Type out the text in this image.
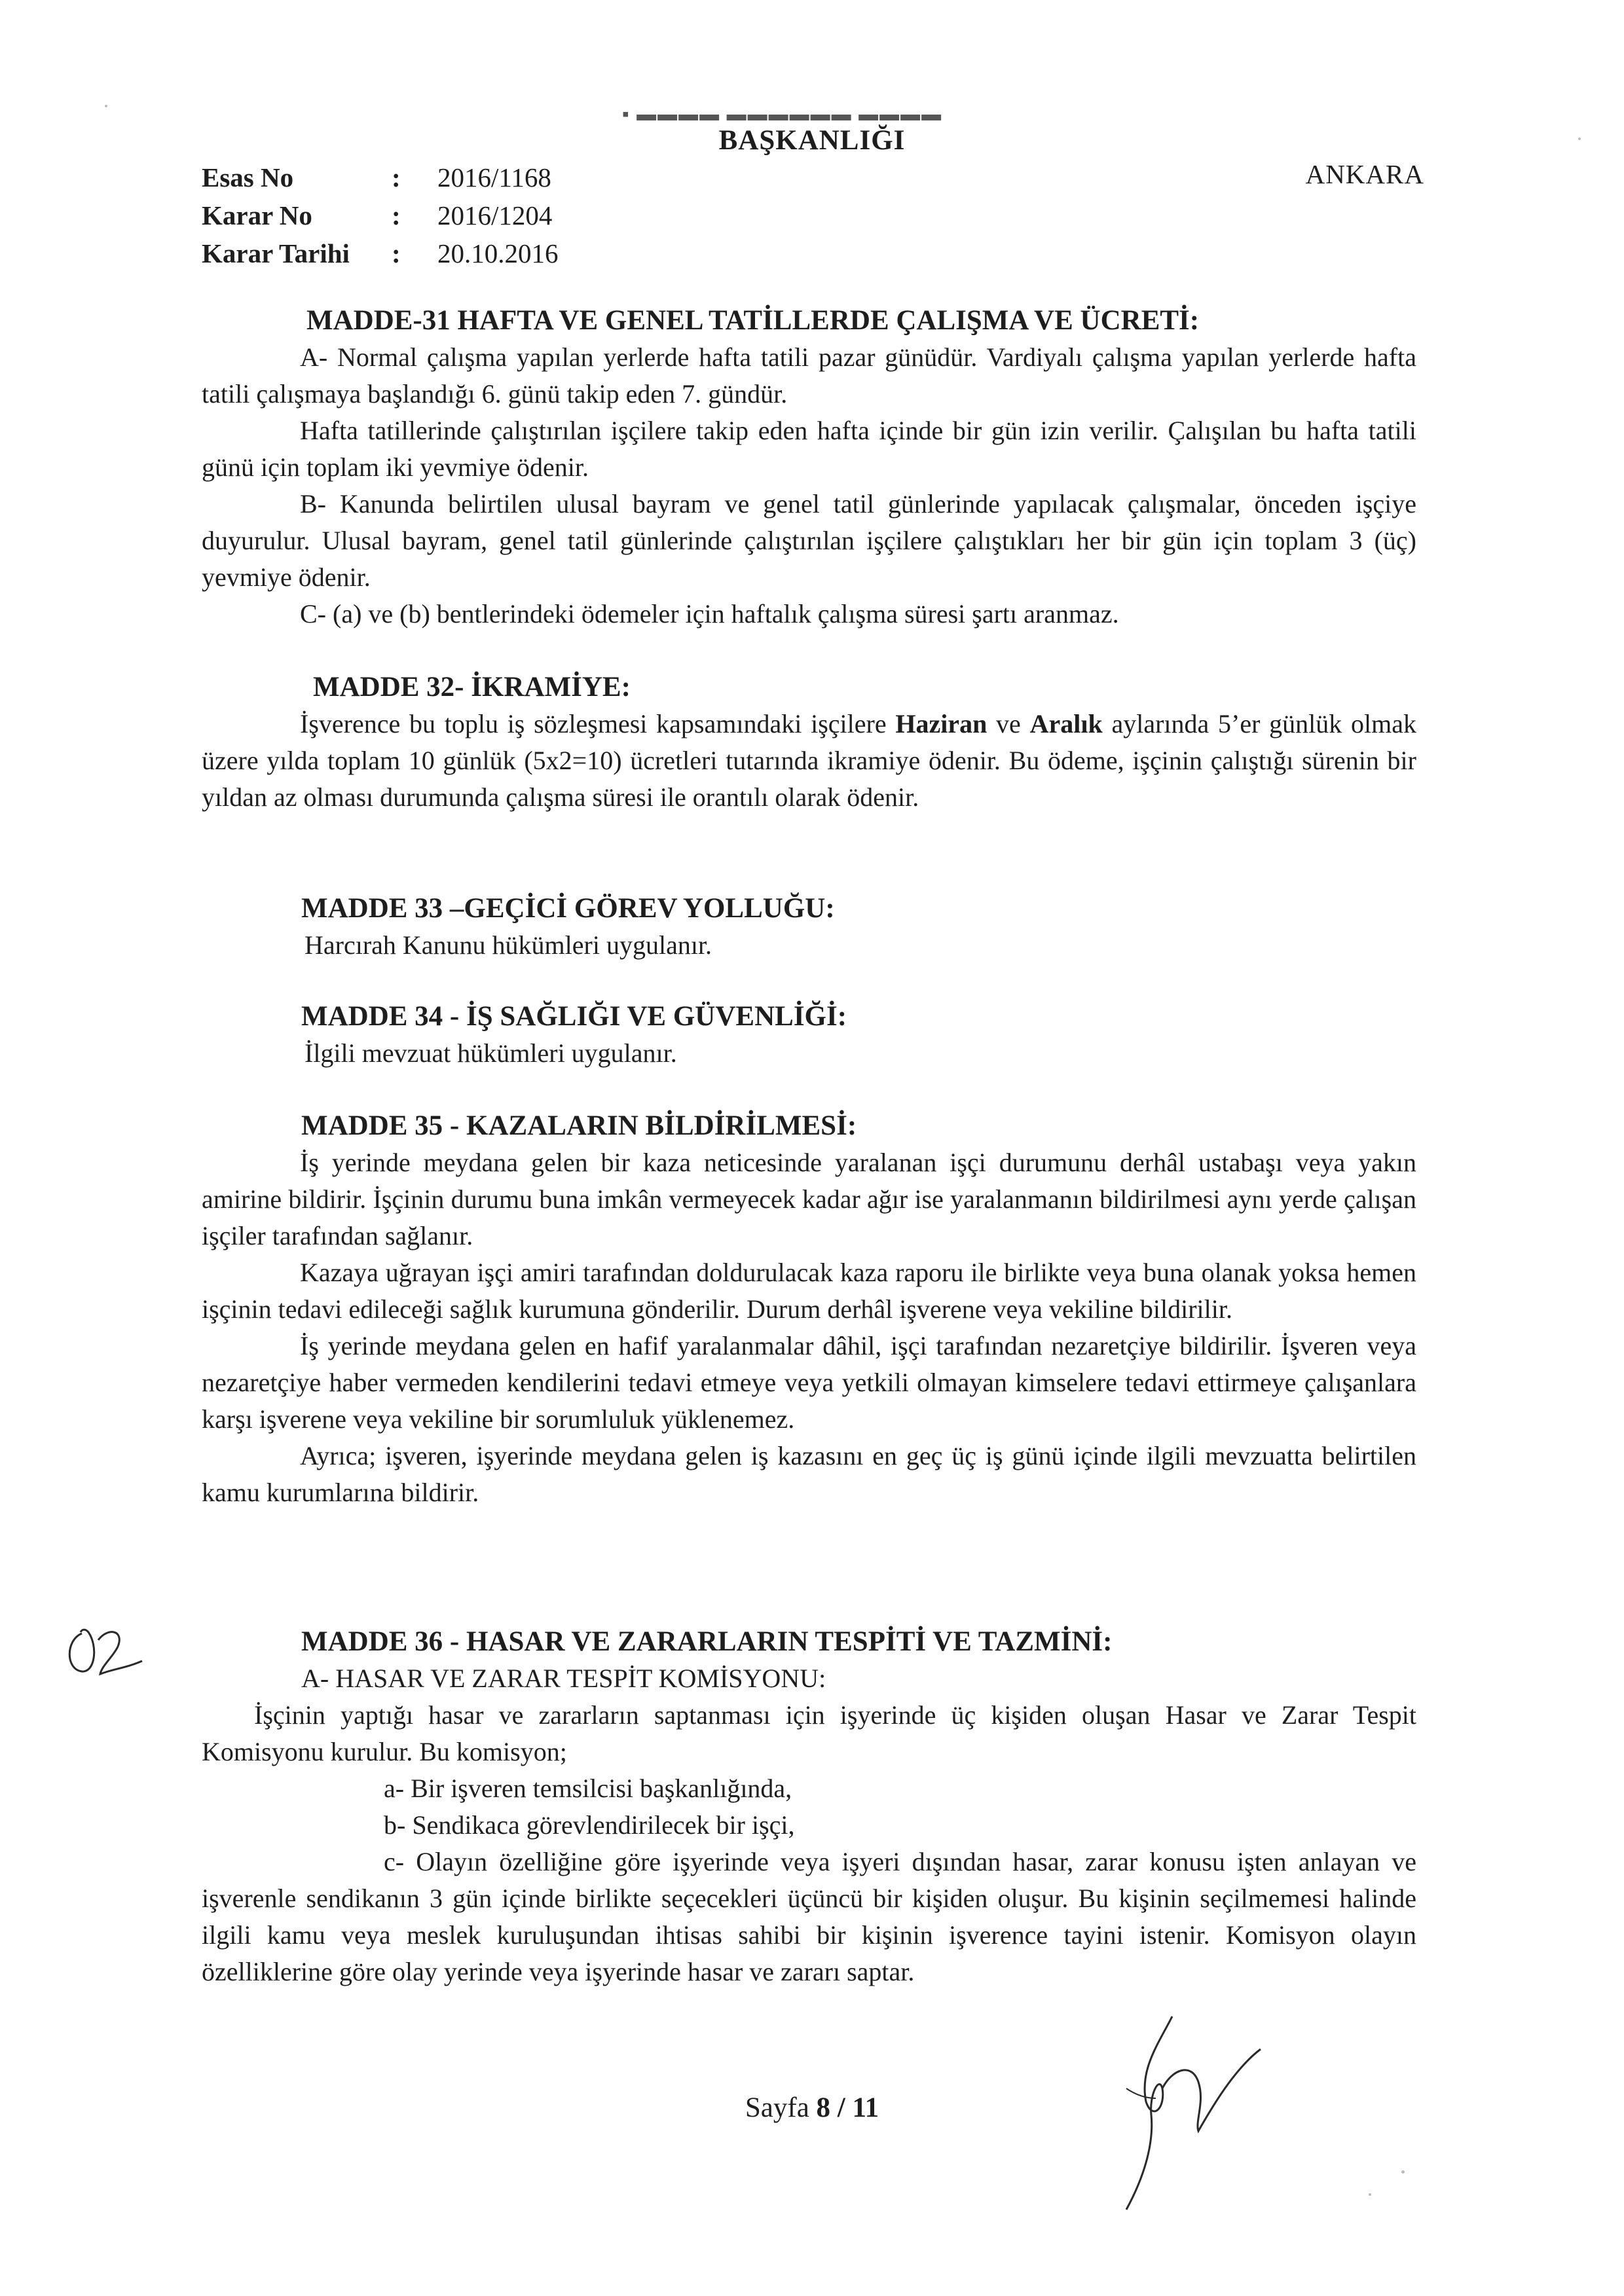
▪ ▬▬▬▬ ▬▬▬▬▬▬ ▬▬▬▬
BAŞKANLIĞI
Esas No	:	2016/1168
Karar No	:	2016/1204
Karar Tarihi	:	20.10.2016
ANKARA
MADDE-31 HAFTA VE GENEL TATİLLERDE ÇALIŞMA VE ÜCRETİ:

A- Normal çalışma yapılan yerlerde hafta tatili pazar günüdür. Vardiyalı çalışma yapılan yerlerde hafta tatili çalışmaya başlandığı 6. günü takip eden 7. gündür.

Hafta tatillerinde çalıştırılan işçilere takip eden hafta içinde bir gün izin verilir. Çalışılan bu hafta tatili günü için toplam iki yevmiye ödenir.

B- Kanunda belirtilen ulusal bayram ve genel tatil günlerinde yapılacak çalışmalar, önceden işçiye duyurulur. Ulusal bayram, genel tatil günlerinde çalıştırılan işçilere çalıştıkları her bir gün için toplam 3 (üç) yevmiye ödenir.

C- (a) ve (b) bentlerindeki ödemeler için haftalık çalışma süresi şartı aranmaz.

MADDE 32- İKRAMİYE:

İşverence bu toplu iş sözleşmesi kapsamındaki işçilere Haziran ve Aralık aylarında 5’er günlük olmak üzere yılda toplam 10 günlük (5x2=10) ücretleri tutarında ikramiye ödenir. Bu ödeme, işçinin çalıştığı sürenin bir yıldan az olması durumunda çalışma süresi ile orantılı olarak ödenir.

MADDE 33 –GEÇİCİ GÖREV YOLLUĞU:

Harcırah Kanunu hükümleri uygulanır.

MADDE 34 - İŞ SAĞLIĞI VE GÜVENLİĞİ:

İlgili mevzuat hükümleri uygulanır.

MADDE 35 - KAZALARIN BİLDİRİLMESİ:

İş yerinde meydana gelen bir kaza neticesinde yaralanan işçi durumunu derhâl ustabaşı veya yakın amirine bildirir. İşçinin durumu buna imkân vermeyecek kadar ağır ise yaralanmanın bildirilmesi aynı yerde çalışan işçiler tarafından sağlanır.

Kazaya uğrayan işçi amiri tarafından doldurulacak kaza raporu ile birlikte veya buna olanak yoksa hemen işçinin tedavi edileceği sağlık kurumuna gönderilir. Durum derhâl işverene veya vekiline bildirilir.

İş yerinde meydana gelen en hafif yaralanmalar dâhil, işçi tarafından nezaretçiye bildirilir. İşveren veya nezaretçiye haber vermeden kendilerini tedavi etmeye veya yetkili olmayan kimselere tedavi ettirmeye çalışanlara karşı işverene veya vekiline bir sorumluluk yüklenemez.

Ayrıca; işveren, işyerinde meydana gelen iş kazasını en geç üç iş günü içinde ilgili mevzuatta belirtilen kamu kurumlarına bildirir.

MADDE 36 - HASAR VE ZARARLARIN TESPİTİ VE TAZMİNİ:
A- HASAR VE ZARAR TESPİT KOMİSYONU:

İşçinin yaptığı hasar ve zararların saptanması için işyerinde üç kişiden oluşan Hasar ve Zarar Tespit Komisyonu kurulur. Bu komisyon;

a- Bir işveren temsilcisi başkanlığında,

b- Sendikaca görevlendirilecek bir işçi,

c- Olayın özelliğine göre işyerinde veya işyeri dışından hasar, zarar konusu işten anlayan ve işverenle sendikanın 3 gün içinde birlikte seçecekleri üçüncü bir kişiden oluşur. Bu kişinin seçilmemesi halinde ilgili kamu veya meslek kuruluşundan ihtisas sahibi bir kişinin işverence tayini istenir. Komisyon olayın özelliklerine göre olay yerinde veya işyerinde hasar ve zararı saptar.

Sayfa 8 / 11
